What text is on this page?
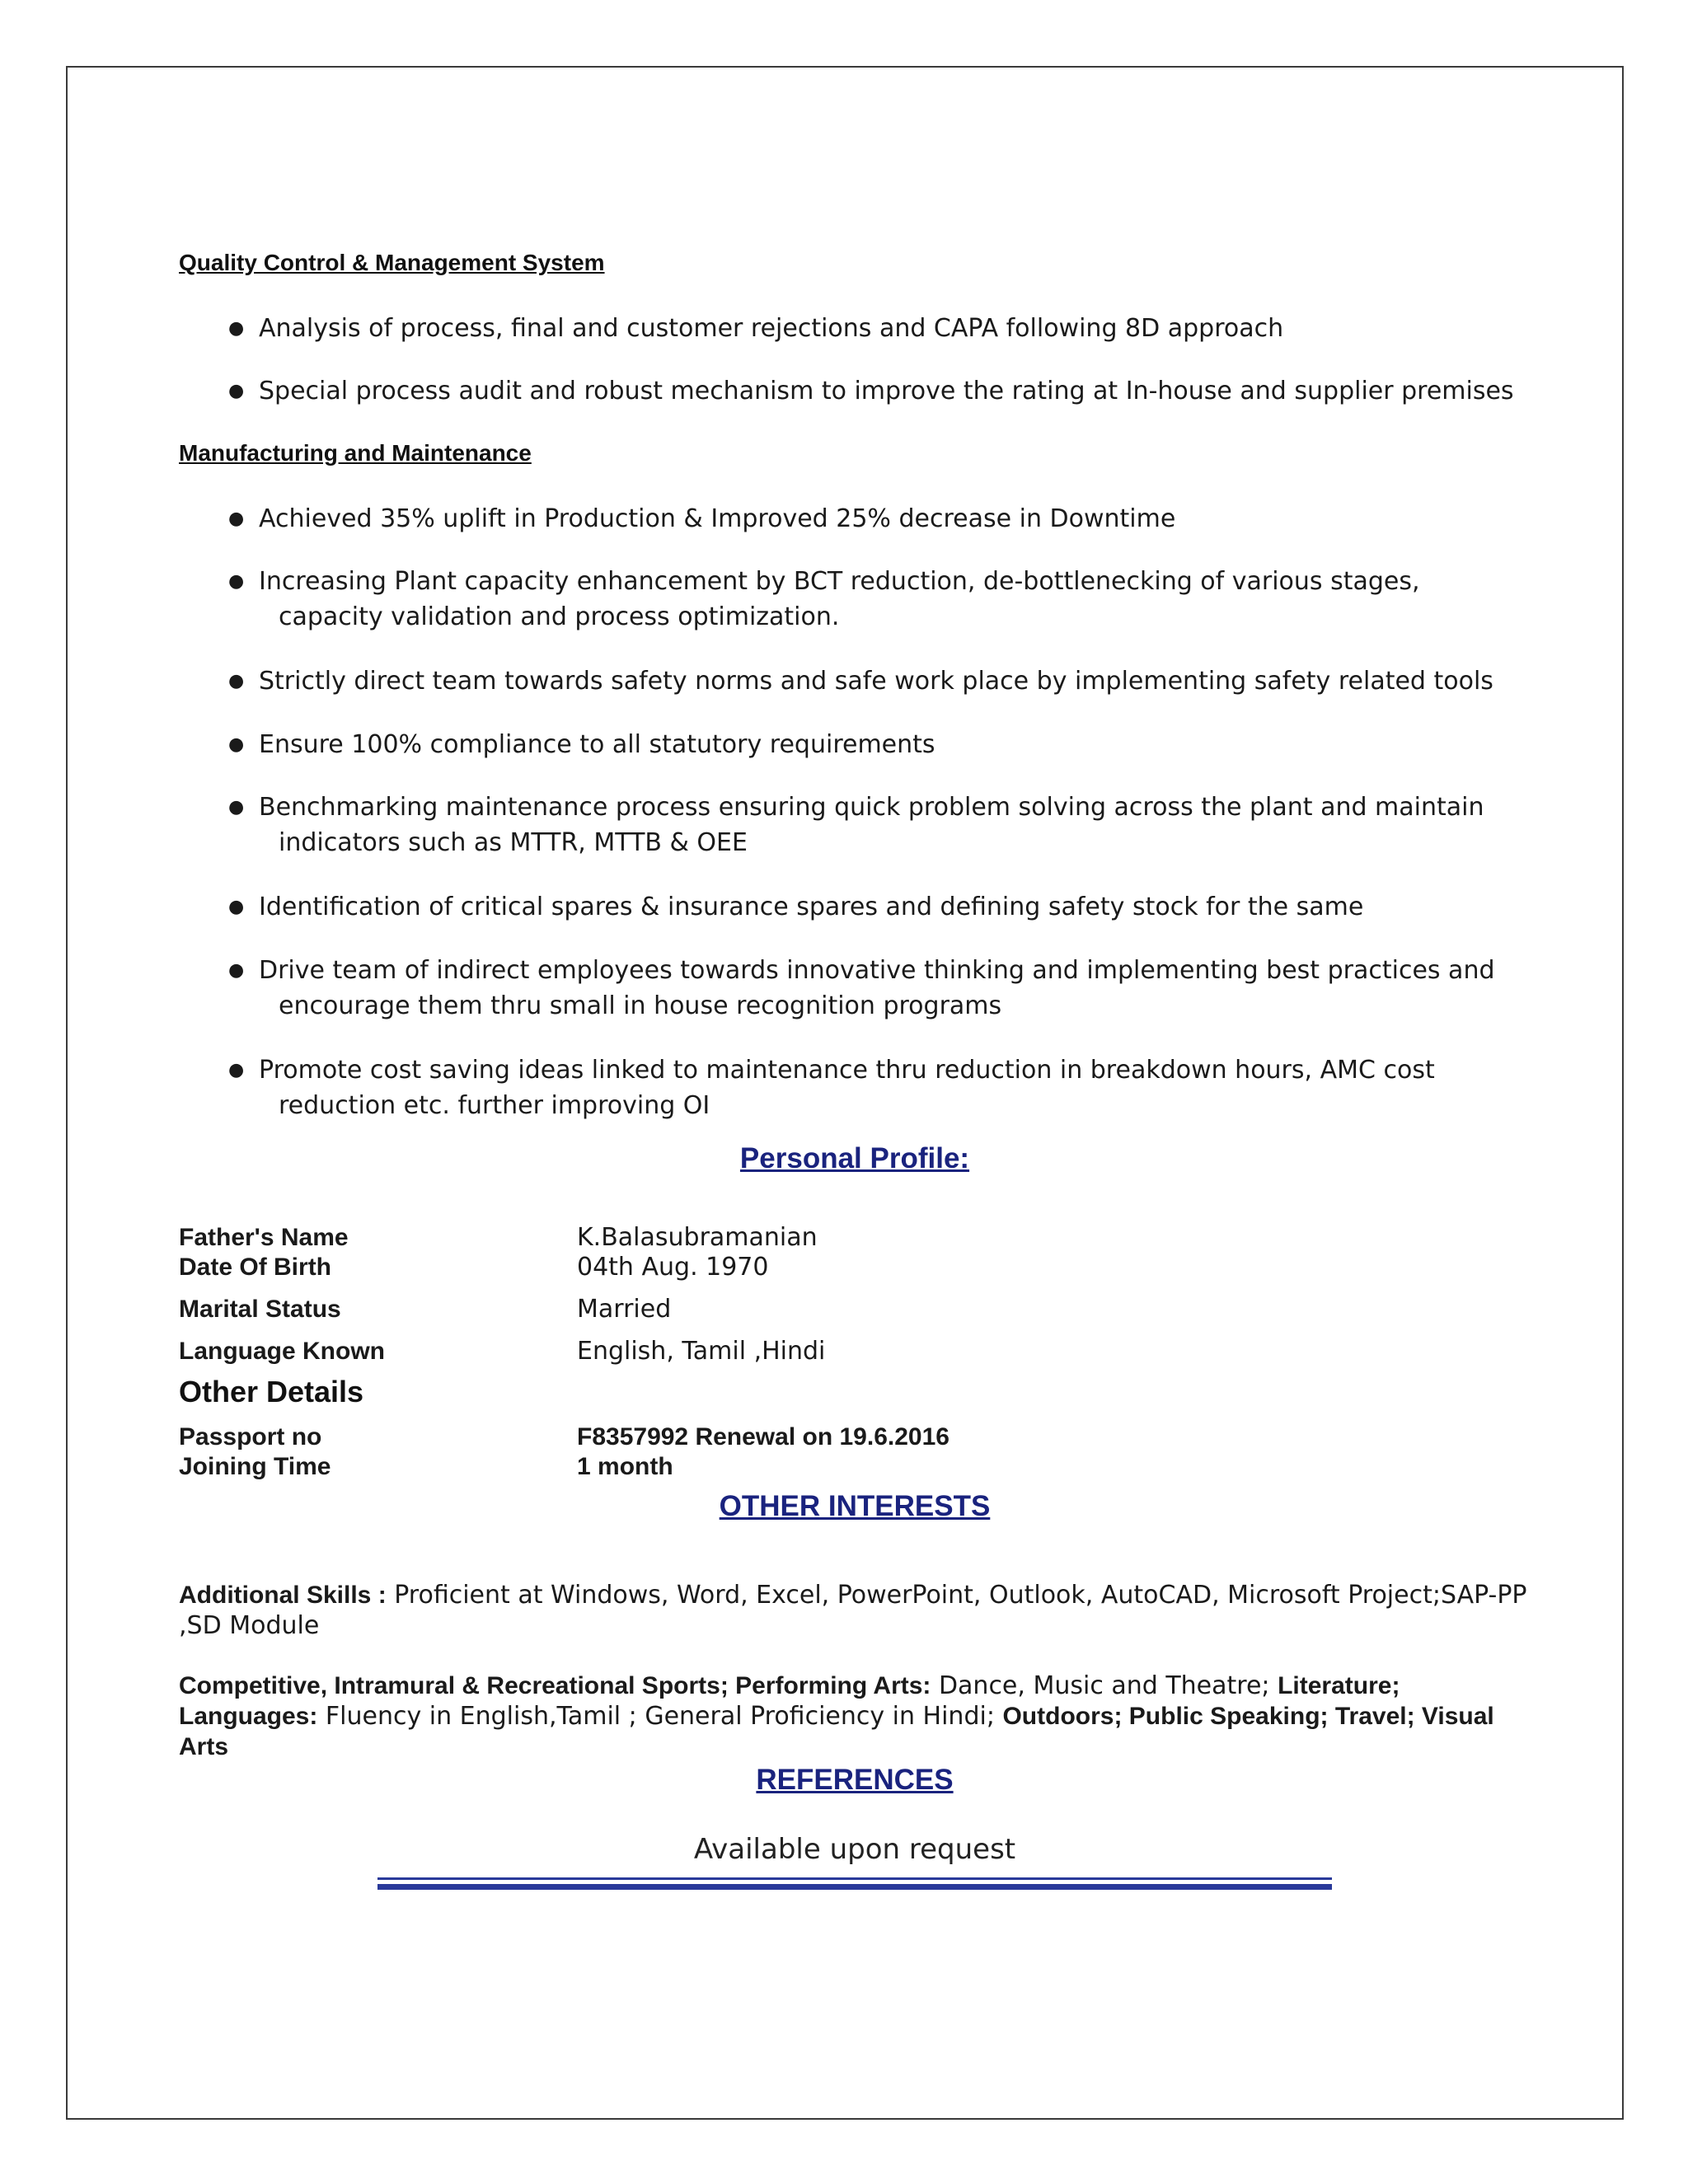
Quality Control & Management System
● Analysis of process, final and customer rejections and CAPA following 8D approach
● Special process audit and robust mechanism to improve the rating at In-house and supplier premises
Manufacturing and Maintenance
● Achieved 35% uplift in Production & Improved 25% decrease in Downtime
● Increasing Plant capacity enhancement by BCT reduction, de-bottlenecking of various stages,
capacity validation and process optimization.
● Strictly direct team towards safety norms and safe work place by implementing safety related tools
● Ensure 100% compliance to all statutory requirements
● Benchmarking maintenance process ensuring quick problem solving across the plant and maintain
indicators such as MTTR, MTTB & OEE
● Identification of critical spares & insurance spares and defining safety stock for the same
● Drive team of indirect employees towards innovative thinking and implementing best practices and
encourage them thru small in house recognition programs
● Promote cost saving ideas linked to maintenance thru reduction in breakdown hours, AMC cost
reduction etc. further improving OI
Personal Profile:
Father's Name	K.Balasubramanian
Date Of Birth	04th Aug. 1970
Marital Status	Married
Language Known	English, Tamil ,Hindi
Other Details
Passport no	F8357992 Renewal on 19.6.2016
Joining Time	1 month
OTHER INTERESTS
Additional Skills : Proficient at Windows, Word, Excel, PowerPoint, Outlook, AutoCAD, Microsoft Project;SAP-PP ,SD Module
Competitive, Intramural & Recreational Sports; Performing Arts: Dance, Music and Theatre; Literature; Languages: Fluency in English,Tamil ; General Proficiency in Hindi; Outdoors; Public Speaking; Travel; Visual Arts
REFERENCES
Available upon request
